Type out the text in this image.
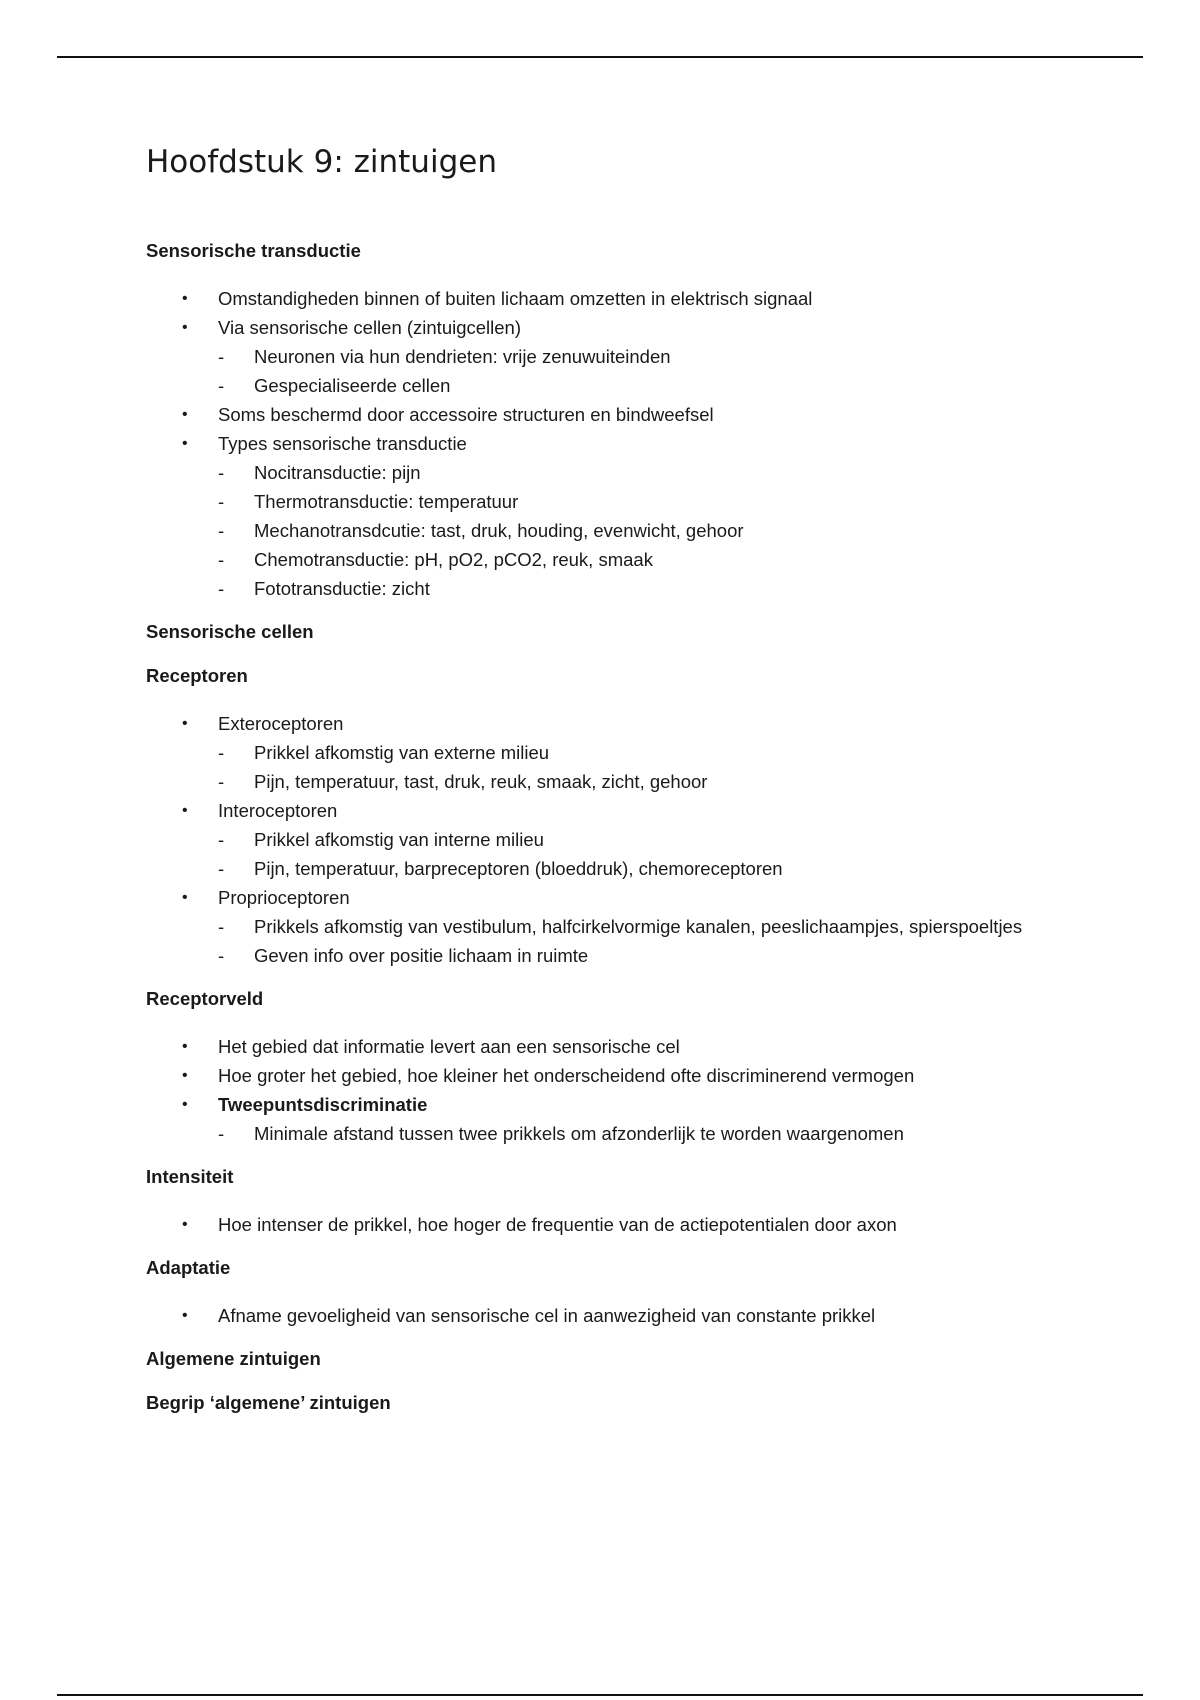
Hoofdstuk 9: zintuigen
Sensorische transductie
• Omstandigheden binnen of buiten lichaam omzetten in elektrisch signaal
• Via sensorische cellen (zintuigcellen)
- Neuronen via hun dendrieten: vrije zenuwuiteinden
- Gespecialiseerde cellen
• Soms beschermd door accessoire structuren en bindweefsel
• Types sensorische transductie
- Nocitransductie: pijn
- Thermotransductie: temperatuur
- Mechanotransdcutie: tast, druk, houding, evenwicht, gehoor
- Chemotransductie: pH, pO2, pCO2, reuk, smaak
- Fototransductie: zicht
Sensorische cellen
Receptoren
• Exteroceptoren
- Prikkel afkomstig van externe milieu
- Pijn, temperatuur, tast, druk, reuk, smaak, zicht, gehoor
• Interoceptoren
- Prikkel afkomstig van interne milieu
- Pijn, temperatuur, barpreceptoren (bloeddruk), chemoreceptoren
• Proprioceptoren
- Prikkels afkomstig van vestibulum, halfcirkelvormige kanalen, peeslichaampjes, spierspoeltjes
- Geven info over positie lichaam in ruimte
Receptorveld
• Het gebied dat informatie levert aan een sensorische cel
• Hoe groter het gebied, hoe kleiner het onderscheidend ofte discriminerend vermogen
• Tweepuntsdiscriminatie
- Minimale afstand tussen twee prikkels om afzonderlijk te worden waargenomen
Intensiteit
• Hoe intenser de prikkel, hoe hoger de frequentie van de actiepotentialen door axon
Adaptatie
• Afname gevoeligheid van sensorische cel in aanwezigheid van constante prikkel
Algemene zintuigen
Begrip ‘algemene’ zintuigen
